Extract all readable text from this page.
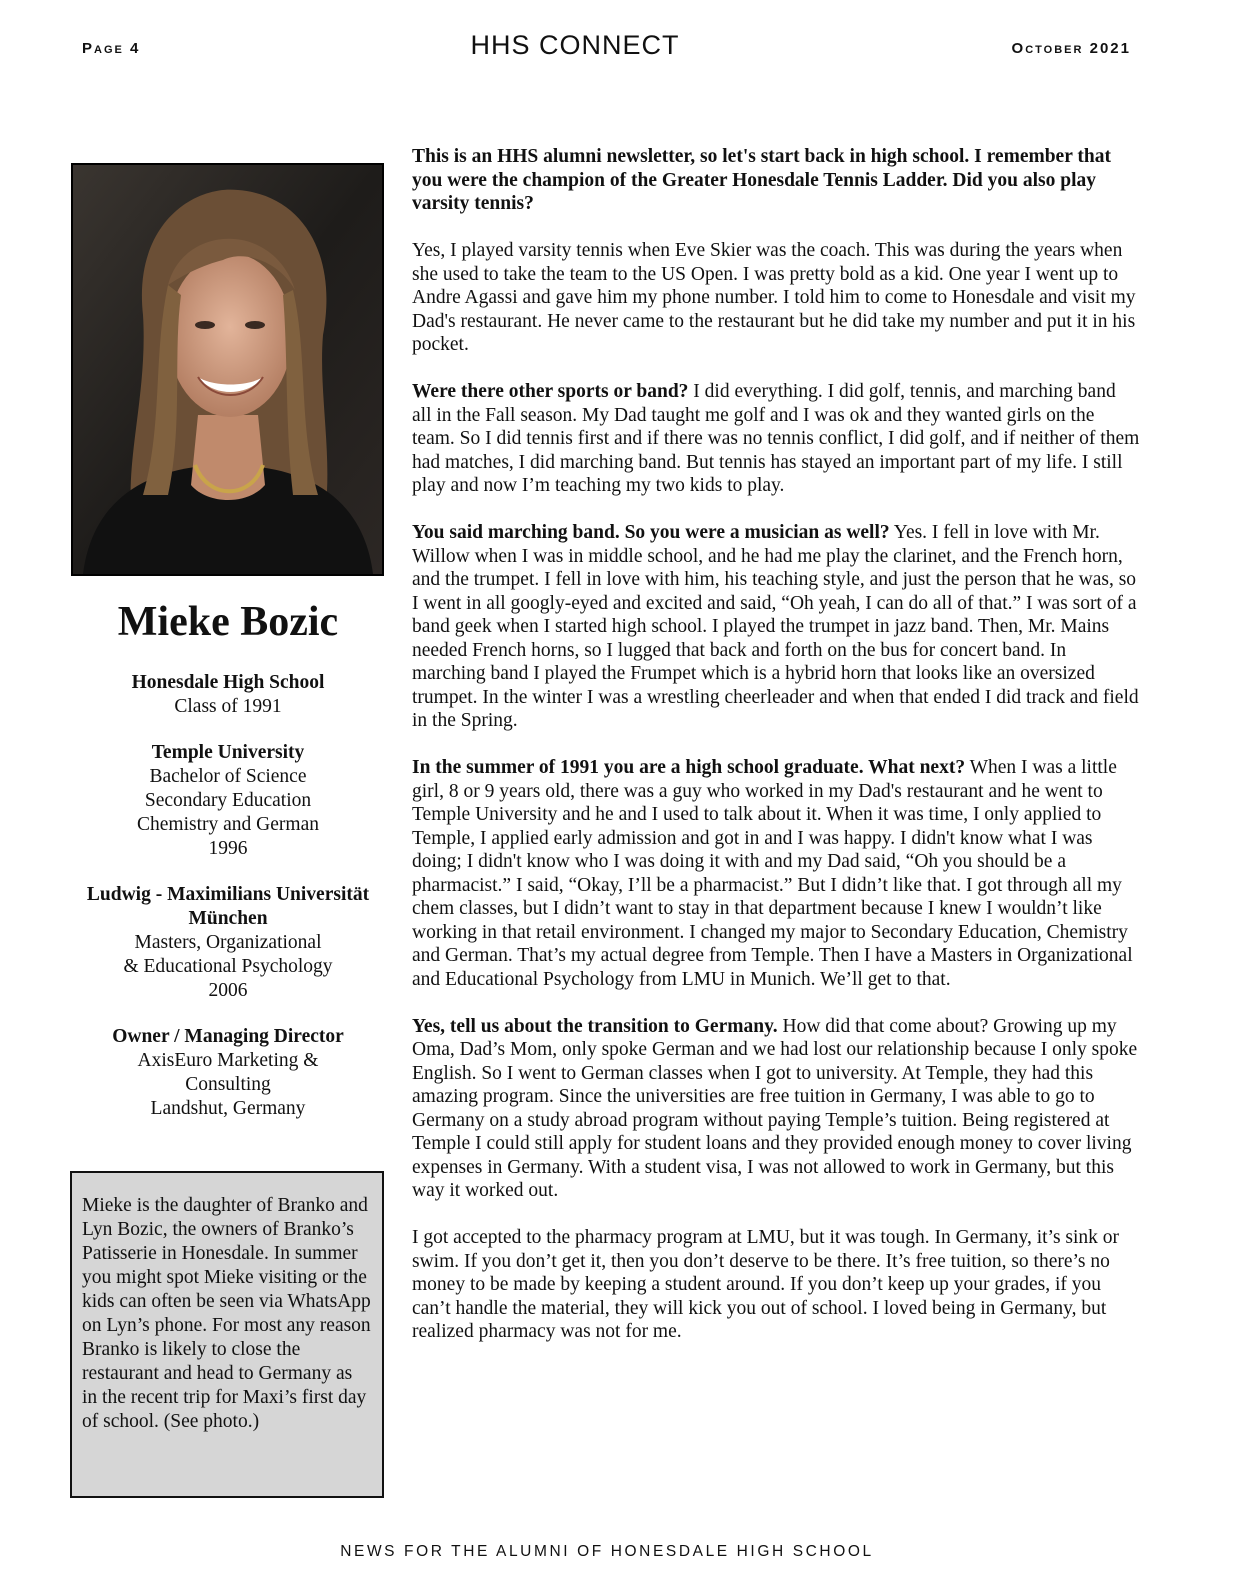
Page 4	HHS CONNECT	October 2021
Mieke Bozic
Honesdale High School
Class of 1991
Temple University
Bachelor of Science
Secondary Education
Chemistry and German
1996
Ludwig - Maximilians Universität München
Masters, Organizational
& Educational Psychology
2006
Owner / Managing Director
AxisEuro Marketing &
Consulting
Landshut, Germany
Mieke is the daughter of Branko and Lyn Bozic, the owners of Branko’s Patisserie in Honesdale. In summer you might spot Mieke visiting or the kids can often be seen via WhatsApp on Lyn’s phone. For most any reason Branko is likely to close the restaurant and head to Germany as in the recent trip for Maxi’s first day of school. (See photo.)

This is an HHS alumni newsletter, so let's start back in high school. I remember that you were the champion of the Greater Honesdale Tennis Ladder. Did you also play varsity tennis?

Yes, I played varsity tennis when Eve Skier was the coach. This was during the years when she used to take the team to the US Open. I was pretty bold as a kid. One year I went up to Andre Agassi and gave him my phone number. I told him to come to Honesdale and visit my Dad's restaurant. He never came to the restaurant but he did take my number and put it in his pocket.

Were there other sports or band? I did everything. I did golf, tennis, and marching band all in the Fall season. My Dad taught me golf and I was ok and they wanted girls on the team. So I did tennis first and if there was no tennis conflict, I did golf, and if neither of them had matches, I did marching band. But tennis has stayed an important part of my life. I still play and now I’m teaching my two kids to play.

You said marching band. So you were a musician as well? Yes. I fell in love with Mr. Willow when I was in middle school, and he had me play the clarinet, and the French horn, and the trumpet. I fell in love with him, his teaching style, and just the person that he was, so I went in all googly-eyed and excited and said, “Oh yeah, I can do all of that.” I was sort of a band geek when I started high school. I played the trumpet in jazz band. Then, Mr. Mains needed French horns, so I lugged that back and forth on the bus for concert band. In marching band I played the Frumpet which is a hybrid horn that looks like an oversized trumpet. In the winter I was a wrestling cheerleader and when that ended I did track and field in the Spring.

In the summer of 1991 you are a high school graduate. What next? When I was a little girl, 8 or 9 years old, there was a guy who worked in my Dad's restaurant and he went to Temple University and he and I used to talk about it. When it was time, I only applied to Temple, I applied early admission and got in and I was happy. I didn't know what I was doing; I didn't know who I was doing it with and my Dad said, “Oh you should be a pharmacist.” I said, “Okay, I’ll be a pharmacist.” But I didn’t like that. I got through all my chem classes, but I didn’t want to stay in that department because I knew I wouldn’t like working in that retail environment. I changed my major to Secondary Education, Chemistry and German. That’s my actual degree from Temple. Then I have a Masters in Organizational and Educational Psychology from LMU in Munich. We’ll get to that.

Yes, tell us about the transition to Germany. How did that come about? Growing up my Oma, Dad’s Mom, only spoke German and we had lost our relationship because I only spoke English. So I went to German classes when I got to university. At Temple, they had this amazing program. Since the universities are free tuition in Germany, I was able to go to Germany on a study abroad program without paying Temple’s tuition. Being registered at Temple I could still apply for student loans and they provided enough money to cover living expenses in Germany. With a student visa, I was not allowed to work in Germany, but this way it worked out.

I got accepted to the pharmacy program at LMU, but it was tough. In Germany, it’s sink or swim. If you don’t get it, then you don’t deserve to be there. It’s free tuition, so there’s no money to be made by keeping a student around. If you don’t keep up your grades, if you can’t handle the material, they will kick you out of school. I loved being in Germany, but realized pharmacy was not for me.

NEWS FOR THE ALUMNI OF HONESDALE HIGH SCHOOL
